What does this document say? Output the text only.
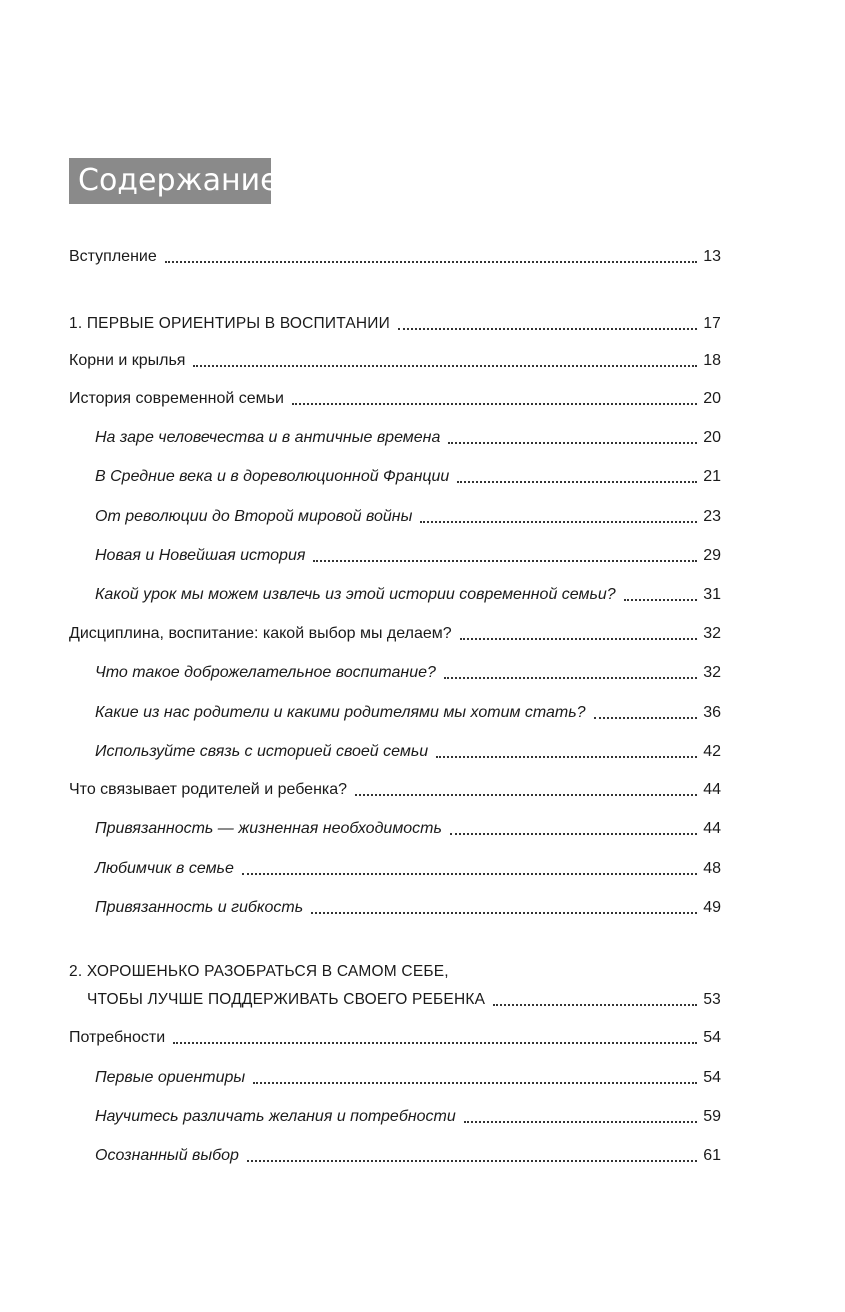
Содержание
Вступление	13
1. ПЕРВЫЕ ОРИЕНТИРЫ В ВОСПИТАНИИ	17
Корни и крылья	18
История современной семьи	20
На заре человечества и в античные времена	20
В Средние века и в дореволюционной Франции	21
От революции до Второй мировой войны	23
Новая и Новейшая история	29
Какой урок мы можем извлечь из этой истории современной семьи?	31
Дисциплина, воспитание: какой выбор мы делаем?	32
Что такое доброжелательное воспитание?	32
Какие из нас родители и какими родителями мы хотим стать?	36
Используйте связь с историей своей семьи	42
Что связывает родителей и ребенка?	44
Привязанность — жизненная необходимость	44
Любимчик в семье	48
Привязанность и гибкость	49
2. ХОРОШЕНЬКО РАЗОБРАТЬСЯ В САМОМ СЕБЕ,
ЧТОБЫ ЛУЧШЕ ПОДДЕРЖИВАТЬ СВОЕГО РЕБЕНКА	53
Потребности	54
Первые ориентиры	54
Научитесь различать желания и потребности	59
Осознанный выбор	61
